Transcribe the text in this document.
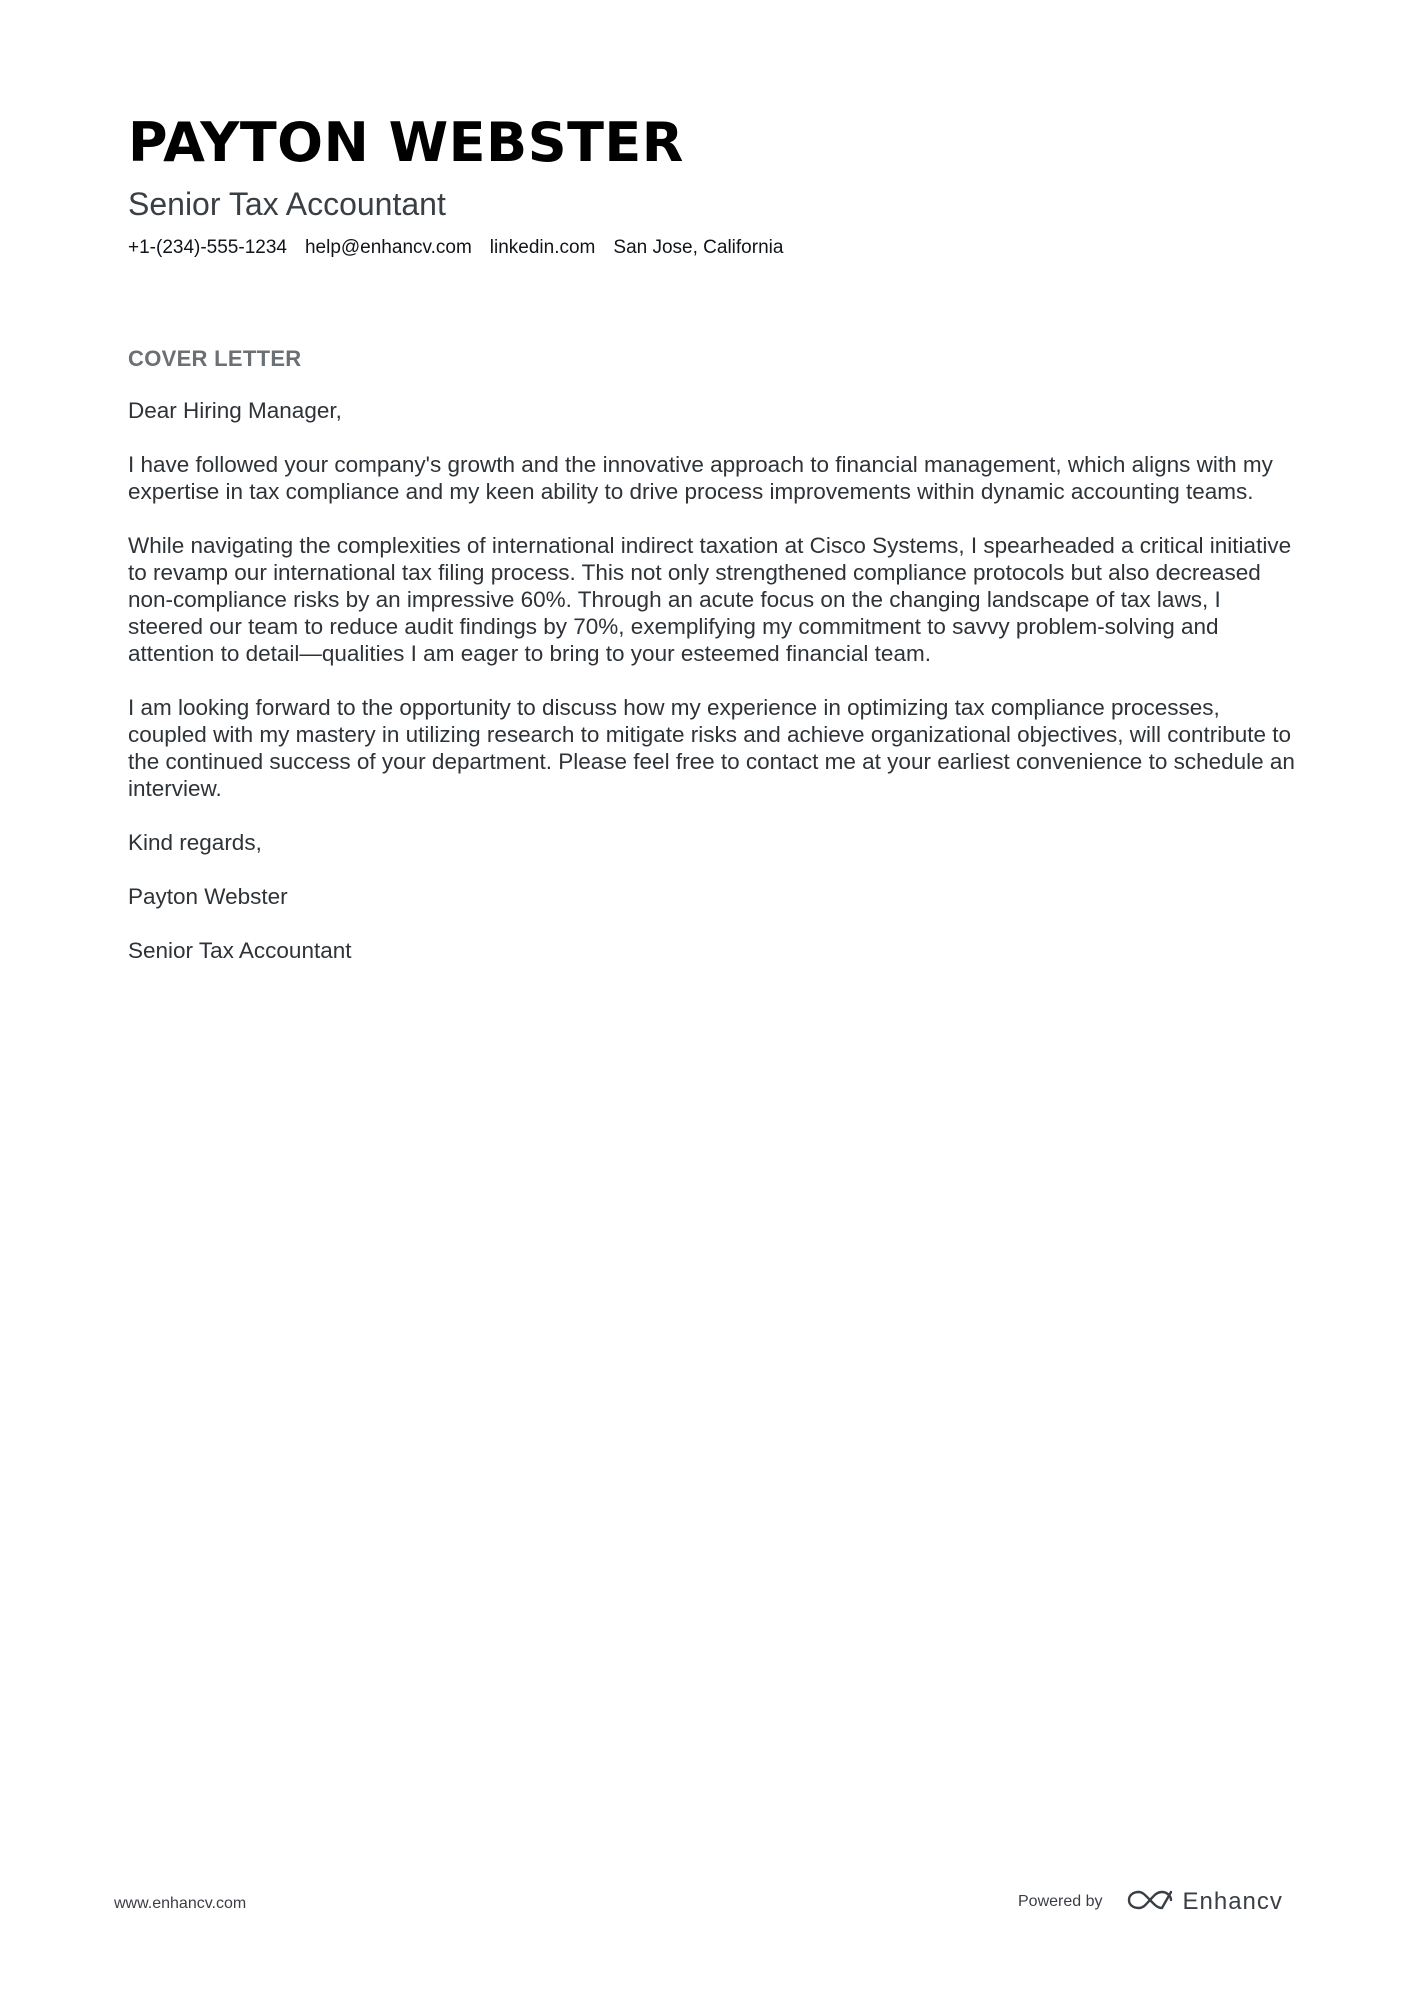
PAYTON WEBSTER
Senior Tax Accountant
+1-(234)-555-1234 help@enhancv.com linkedin.com San Jose, California
COVER LETTER

Dear Hiring Manager,

I have followed your company's growth and the innovative approach to financial management, which aligns with my expertise in tax compliance and my keen ability to drive process improvements within dynamic accounting teams.

While navigating the complexities of international indirect taxation at Cisco Systems, I spearheaded a critical initiative to revamp our international tax filing process. This not only strengthened compliance protocols but also decreased non-compliance risks by an impressive 60%. Through an acute focus on the changing landscape of tax laws, I steered our team to reduce audit findings by 70%, exemplifying my commitment to savvy problem-solving and attention to detail—qualities I am eager to bring to your esteemed financial team.

I am looking forward to the opportunity to discuss how my experience in optimizing tax compliance processes, coupled with my mastery in utilizing research to mitigate risks and achieve organizational objectives, will contribute to the continued success of your department. Please feel free to contact me at your earliest convenience to schedule an interview.

Kind regards,

Payton Webster

Senior Tax Accountant

www.enhancv.com	Powered by	Enhancv
